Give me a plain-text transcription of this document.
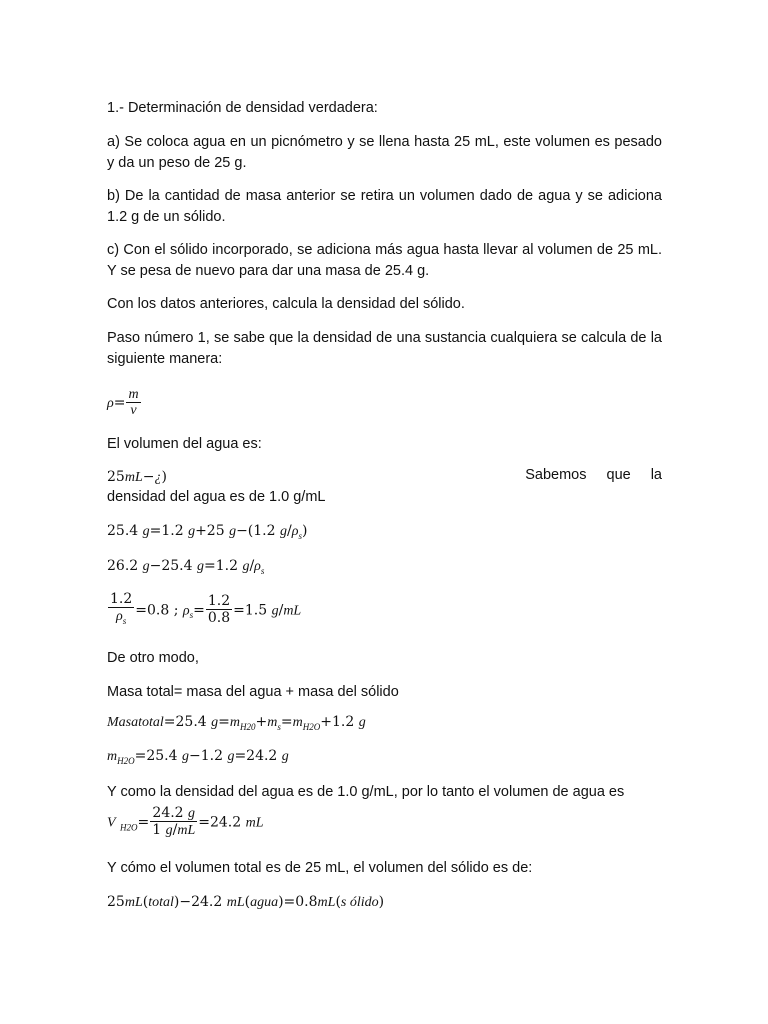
1.- Determinación de densidad verdadera:

a) Se coloca agua en un picnómetro y se llena hasta 25 mL, este volumen es pesado y da un peso de 25 g.

b) De la cantidad de masa anterior se retira un volumen dado de agua y se adiciona 1.2 g de un sólido.

c) Con el sólido incorporado, se adiciona más agua hasta llevar al volumen de 25 mL. Y se pesa de nuevo para dar una masa de 25.4 g.

Con los datos anteriores, calcula la densidad del sólido.

Paso número 1, se sabe que la densidad de una sustancia cualquiera se calcula de la siguiente manera:

$\rho= \frac{m}{v}$

El volumen del agua es:

25mL−¿)	Sabemos que la

densidad del agua es de 1.0 g/mL

25.4 g=1.2 g+25 g−(1.2 $g/\rho_s$)
26.2 g−25.4 g=1.2 $g/\rho_s$
$\frac{1.2}{\rho_s} =0.8$ ; $\rho_s= \frac{1.2}{0.8} =1.5$ g/mL

De otro modo,

Masa total= masa del agua + masa del sólido

Masatotal=25.4 $g=m_{H20}+m_s=m_{H2O}+1.2$ g
$m_{H2O}=25.4$ g−1.2 g=24.2 g

Y como la densidad del agua es de 1.0 g/mL, por lo tanto el volumen de agua es

V $_{H2O}= \frac{24.2 g}{1 g/mL} =24.2$ mL

Y cómo el volumen total es de 25 mL, el volumen del sólido es de:

25mL(total)−24.2 mL(agua)=0.8mL(s ólido)
